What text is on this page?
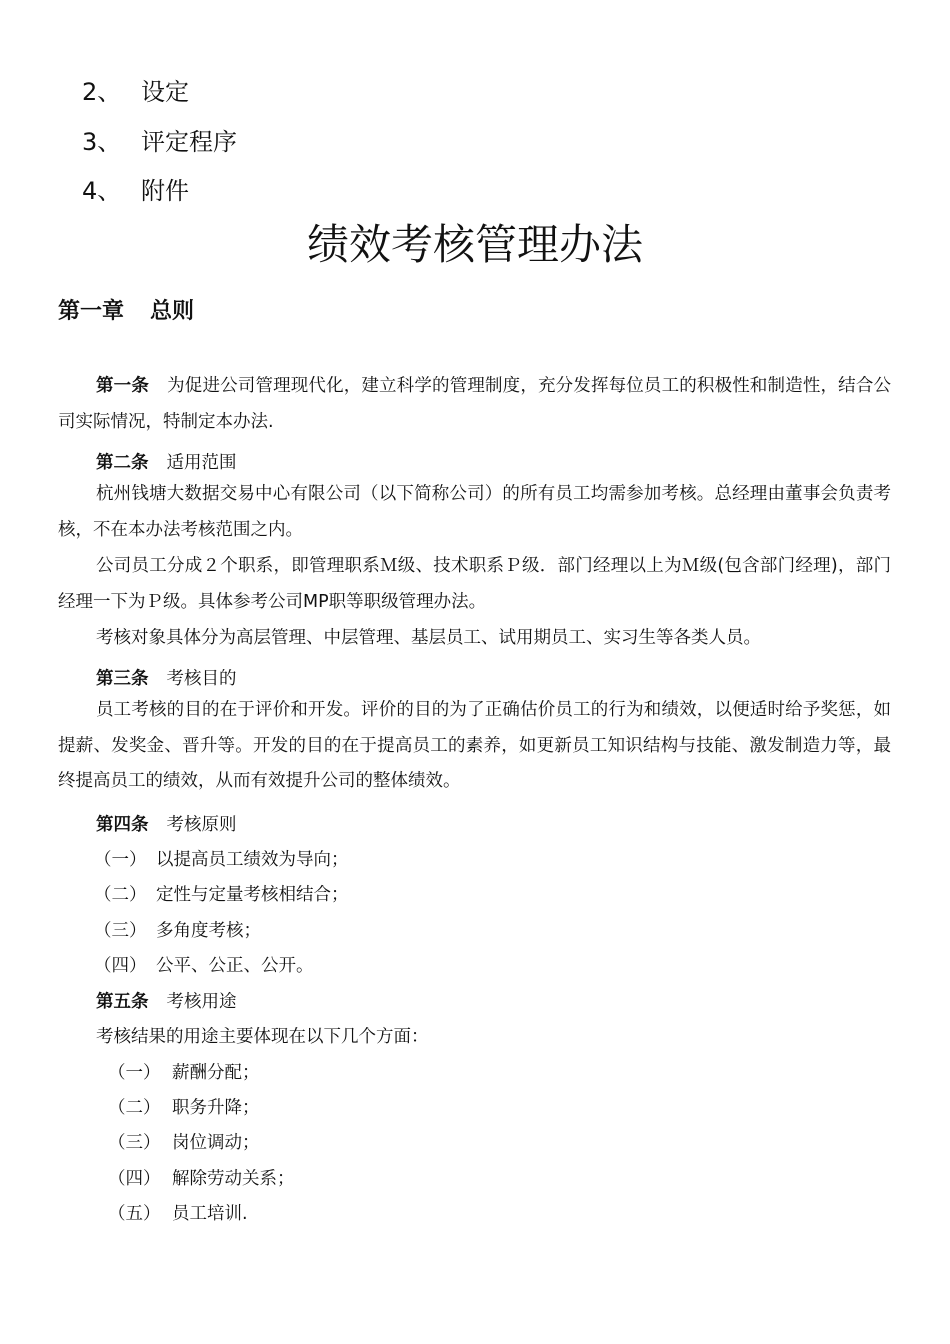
2、 设定
3、 评定程序
4、 附件
绩效考核管理办法
第一章 总则

第一条 为促进公司管理现代化，建立科学的管理制度，充分发挥每位员工的积极性和制造性，结合公司实际情况，特制定本办法.

第二条 适用范围

杭州钱塘大数据交易中心有限公司（以下简称公司）的所有员工均需参加考核。总经理由董事会负责考核，不在本办法考核范围之内。

公司员工分成２个职系，即管理职系Ｍ级、技术职系Ｐ级．部门经理以上为Ｍ级(包含部门经理)，部门经理一下为Ｐ级。具体参考公司MP职等职级管理办法。

考核对象具体分为高层管理、中层管理、基层员工、试用期员工、实习生等各类人员。

第三条 考核目的

员工考核的目的在于评价和开发。评价的目的为了正确估价员工的行为和绩效，以便适时给予奖惩，如提薪、发奖金、晋升等。开发的目的在于提高员工的素养，如更新员工知识结构与技能、激发制造力等，最终提高员工的绩效，从而有效提升公司的整体绩效。

第四条 考核原则

（一） 以提高员工绩效为导向；

（二） 定性与定量考核相结合；

（三） 多角度考核；

（四） 公平、公正、公开。

第五条 考核用途

考核结果的用途主要体现在以下几个方面：

（一） 薪酬分配；

（二） 职务升降；

（三） 岗位调动；

（四） 解除劳动关系；

（五） 员工培训.
